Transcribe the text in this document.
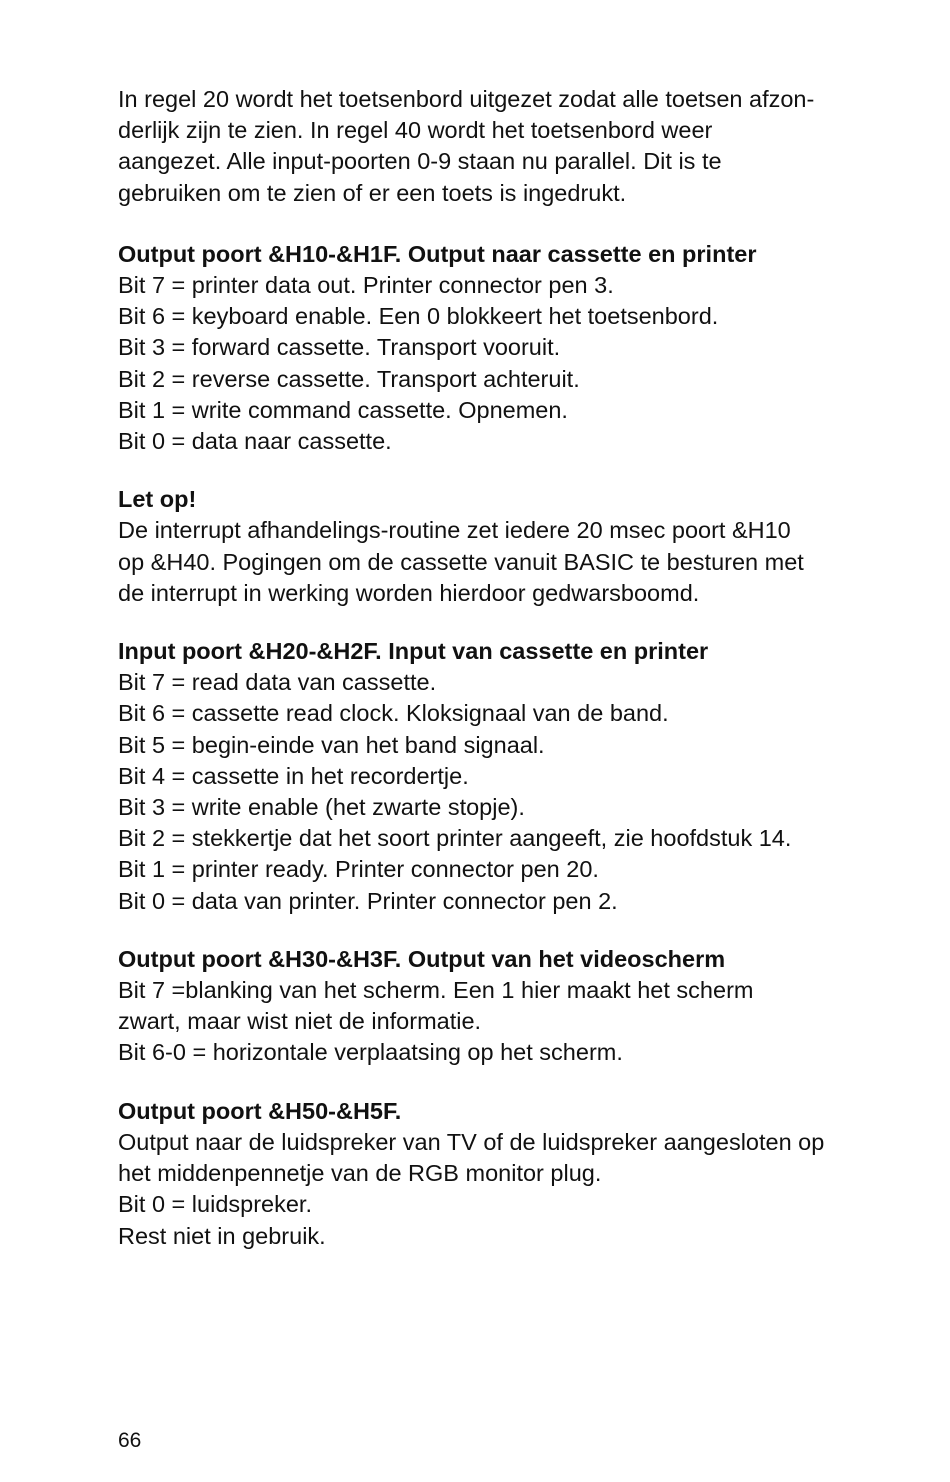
In regel 20 wordt het toetsenbord uitgezet zodat alle toetsen afzon-

derlijk zijn te zien. In regel 40 wordt het toetsenbord weer

aangezet. Alle input-poorten 0-9 staan nu parallel. Dit is te

gebruiken om te zien of er een toets is ingedrukt.

Output poort &H10-&H1F. Output naar cassette en printer

Bit 7 = printer data out. Printer connector pen 3.

Bit 6 = keyboard enable. Een 0 blokkeert het toetsenbord.

Bit 3 = forward cassette. Transport vooruit.

Bit 2 = reverse cassette. Transport achteruit.

Bit 1 = write command cassette. Opnemen.

Bit 0 = data naar cassette.

Let op!

De interrupt afhandelings-routine zet iedere 20 msec poort &H10

op &H40. Pogingen om de cassette vanuit BASIC te besturen met

de interrupt in werking worden hierdoor gedwarsboomd.

Input poort &H20-&H2F. Input van cassette en printer

Bit 7 = read data van cassette.

Bit 6 = cassette read clock. Kloksignaal van de band.

Bit 5 = begin-einde van het band signaal.

Bit 4 = cassette in het recordertje.

Bit 3 = write enable (het zwarte stopje).

Bit 2 = stekkertje dat het soort printer aangeeft, zie hoofdstuk 14.

Bit 1 = printer ready. Printer connector pen 20.

Bit 0 = data van printer. Printer connector pen 2.

Output poort &H30-&H3F. Output van het videoscherm

Bit 7 =blanking van het scherm. Een 1 hier maakt het scherm

zwart, maar wist niet de informatie.

Bit 6-0 = horizontale verplaatsing op het scherm.

Output poort &H50-&H5F.

Output naar de luidspreker van TV of de luidspreker aangesloten op

het middenpennetje van de RGB monitor plug.

Bit 0 = luidspreker.

Rest niet in gebruik.

66
